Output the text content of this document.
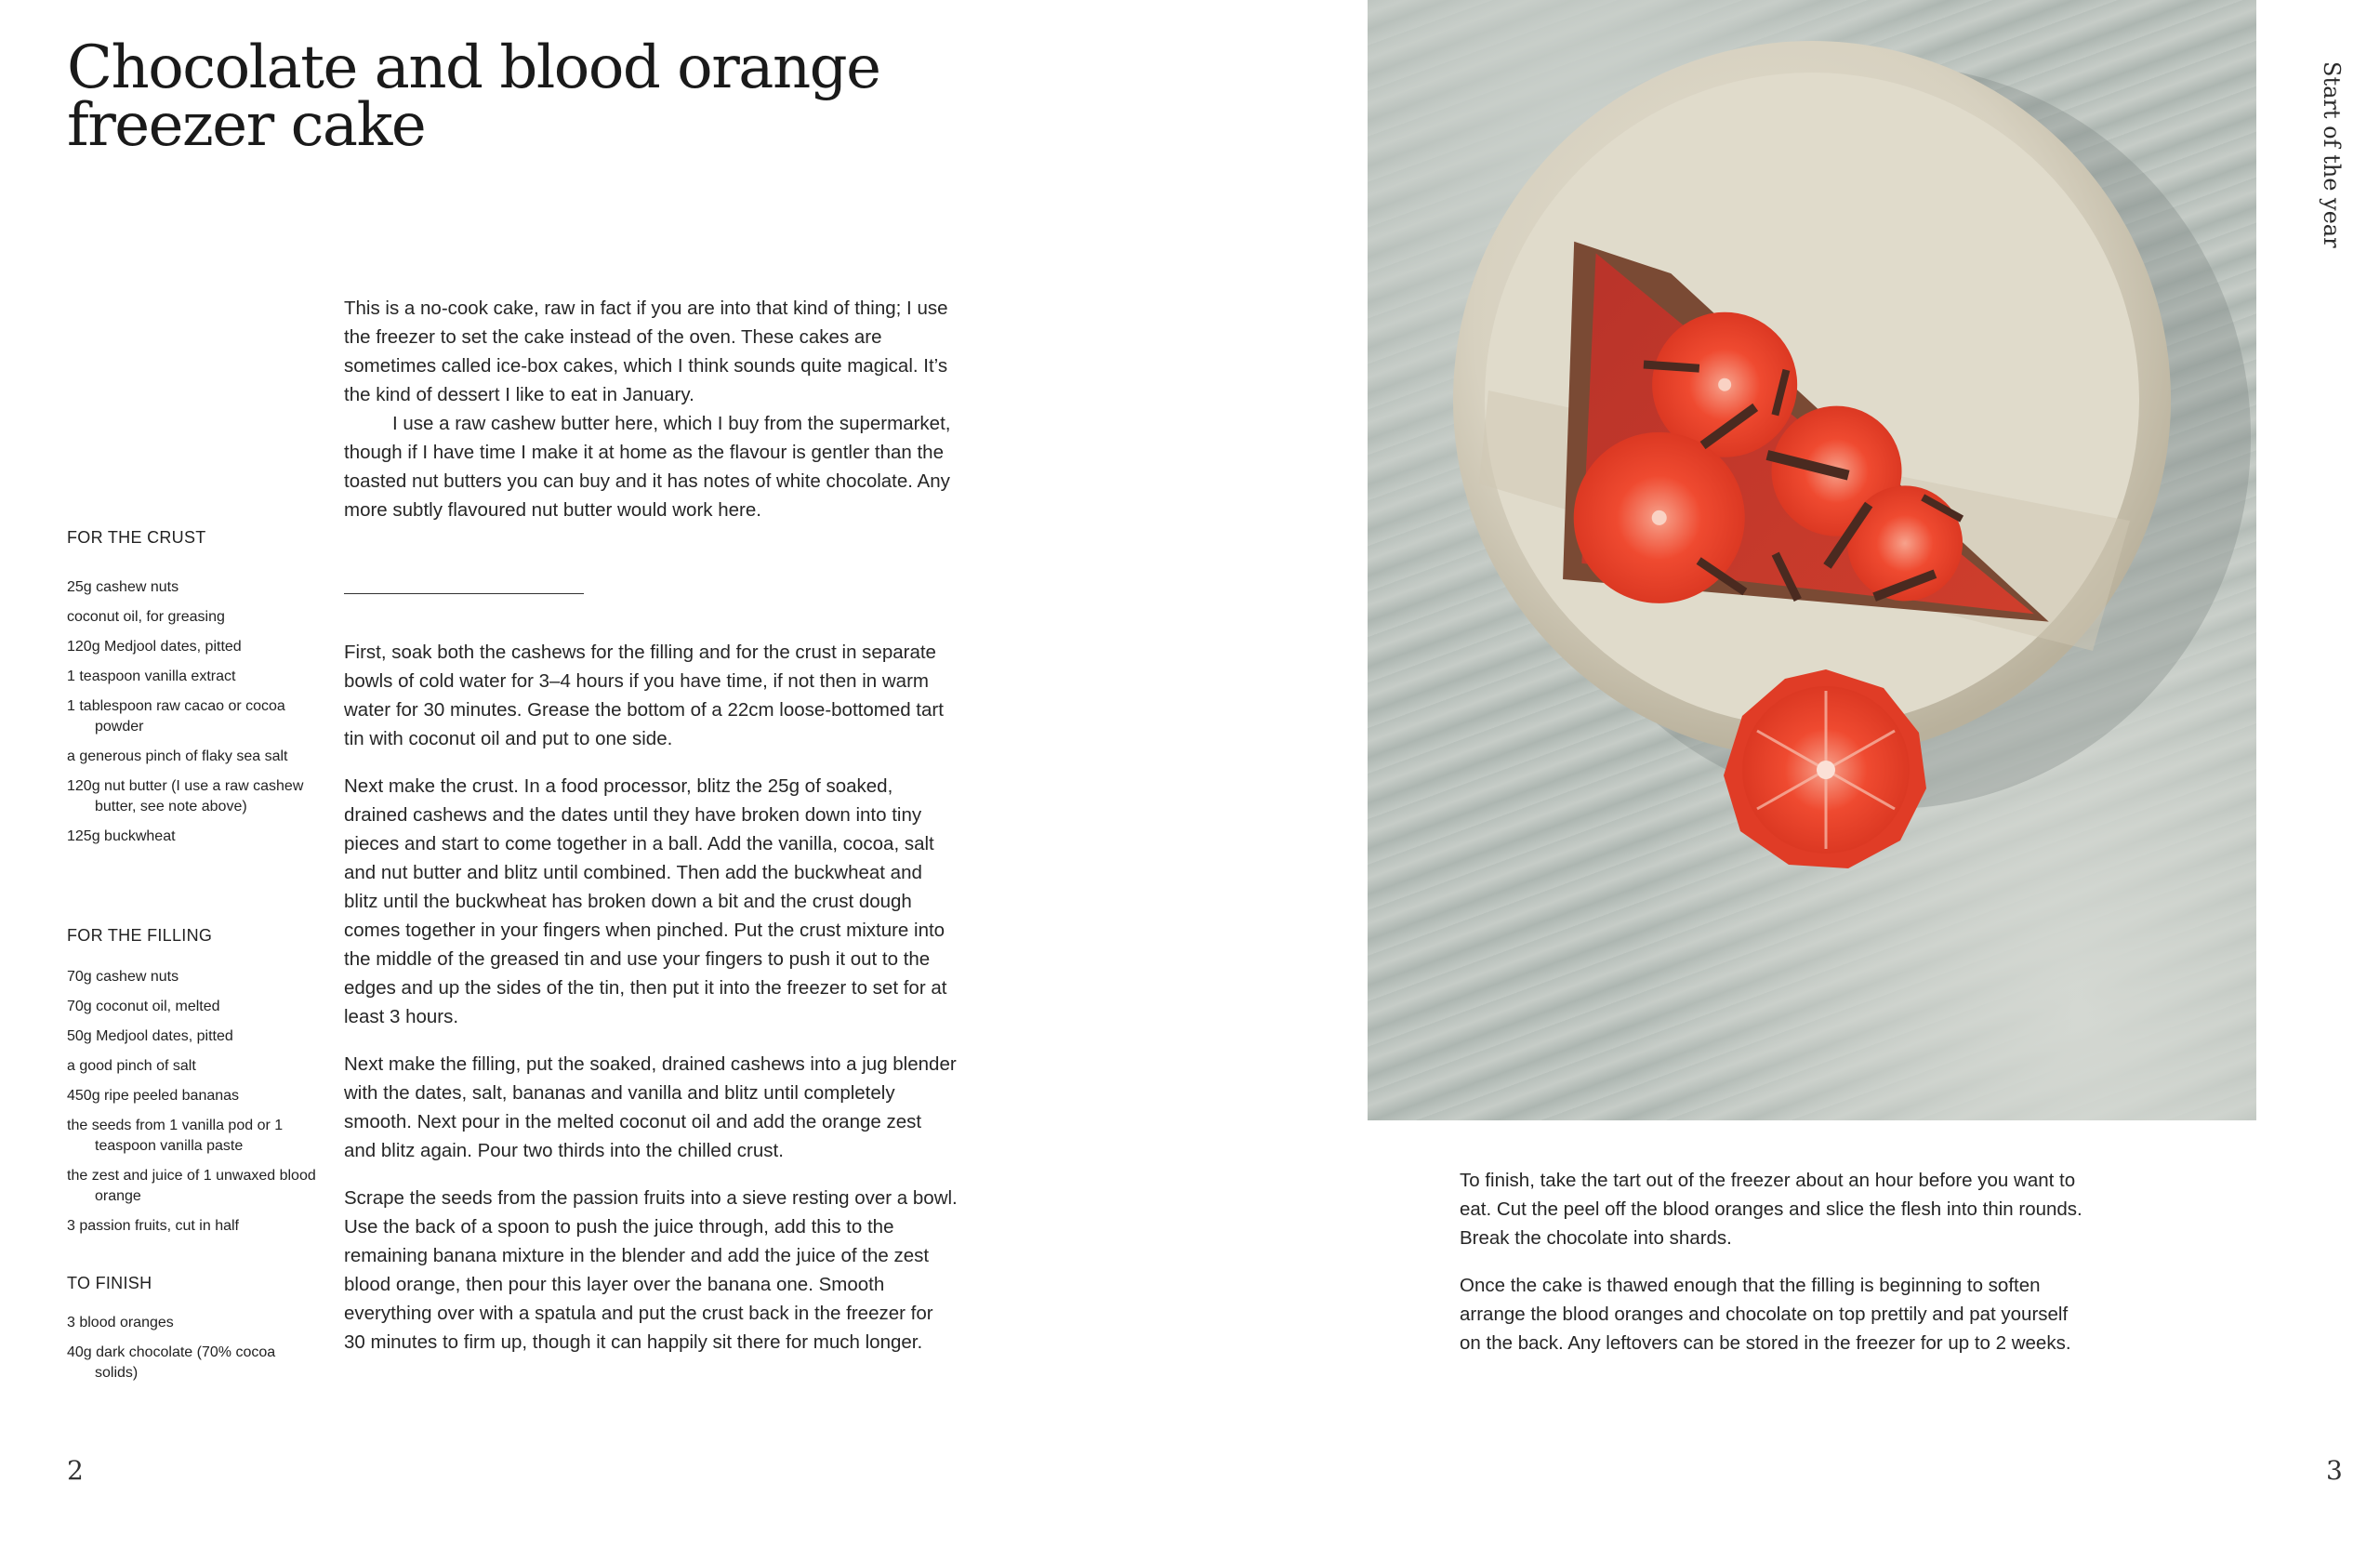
Chocolate and blood orange
freezer cake
FOR THE CRUST
25g cashew nuts
coconut oil, for greasing
120g Medjool dates, pitted
1 teaspoon vanilla extract
1 tablespoon raw cacao or cocoa powder
a generous pinch of flaky sea salt
120g nut butter (I use a raw cashew butter, see note above)
125g buckwheat
FOR THE FILLING
70g cashew nuts
70g coconut oil, melted
50g Medjool dates, pitted
a good pinch of salt
450g ripe peeled bananas
the seeds from 1 vanilla pod or 1 teaspoon vanilla paste
the zest and juice of 1 unwaxed blood orange
3 passion fruits, cut in half
TO FINISH
3 blood oranges
40g dark chocolate (70% cocoa solids)

This is a no-cook cake, raw in fact if you are into that kind of thing; I use the freezer to set the cake instead of the oven. These cakes are sometimes called ice-box cakes, which I think sounds quite magical. It’s the kind of dessert I like to eat in January.

I use a raw cashew butter here, which I buy from the supermarket, though if I have time I make it at home as the flavour is gentler than the toasted nut butters you can buy and it has notes of white chocolate. Any more subtly flavoured nut butter would work here.

First, soak both the cashews for the filling and for the crust in separate bowls of cold water for 3–4 hours if you have time, if not then in warm water for 30 minutes. Grease the bottom of a 22cm loose-bottomed tart tin with coconut oil and put to one side.

Next make the crust. In a food processor, blitz the 25g of soaked, drained cashews and the dates until they have broken down into tiny pieces and start to come together in a ball. Add the vanilla, cocoa, salt and nut butter and blitz until combined. Then add the buckwheat and blitz until the buckwheat has broken down a bit and the crust dough comes together in your fingers when pinched. Put the crust mixture into the middle of the greased tin and use your fingers to push it out to the edges and up the sides of the tin, then put it into the freezer to set for at least 3 hours.

Next make the filling, put the soaked, drained cashews into a jug blender with the dates, salt, bananas and vanilla and blitz until completely smooth. Next pour in the melted coconut oil and add the orange zest and blitz again. Pour two thirds into the chilled crust.

Scrape the seeds from the passion fruits into a sieve resting over a bowl. Use the back of a spoon to push the juice through, add this to the remaining banana mixture in the blender and add the juice of the zest blood orange, then pour this layer over the banana one. Smooth everything over with a spatula and put the crust back in the freezer for 30 minutes to firm up, though it can happily sit there for much longer.

2

Start of the year

To finish, take the tart out of the freezer about an hour before you want to eat. Cut the peel off the blood oranges and slice the flesh into thin rounds. Break the chocolate into shards.

Once the cake is thawed enough that the filling is beginning to soften arrange the blood oranges and chocolate on top prettily and pat yourself on the back. Any leftovers can be stored in the freezer for up to 2 weeks.

3
